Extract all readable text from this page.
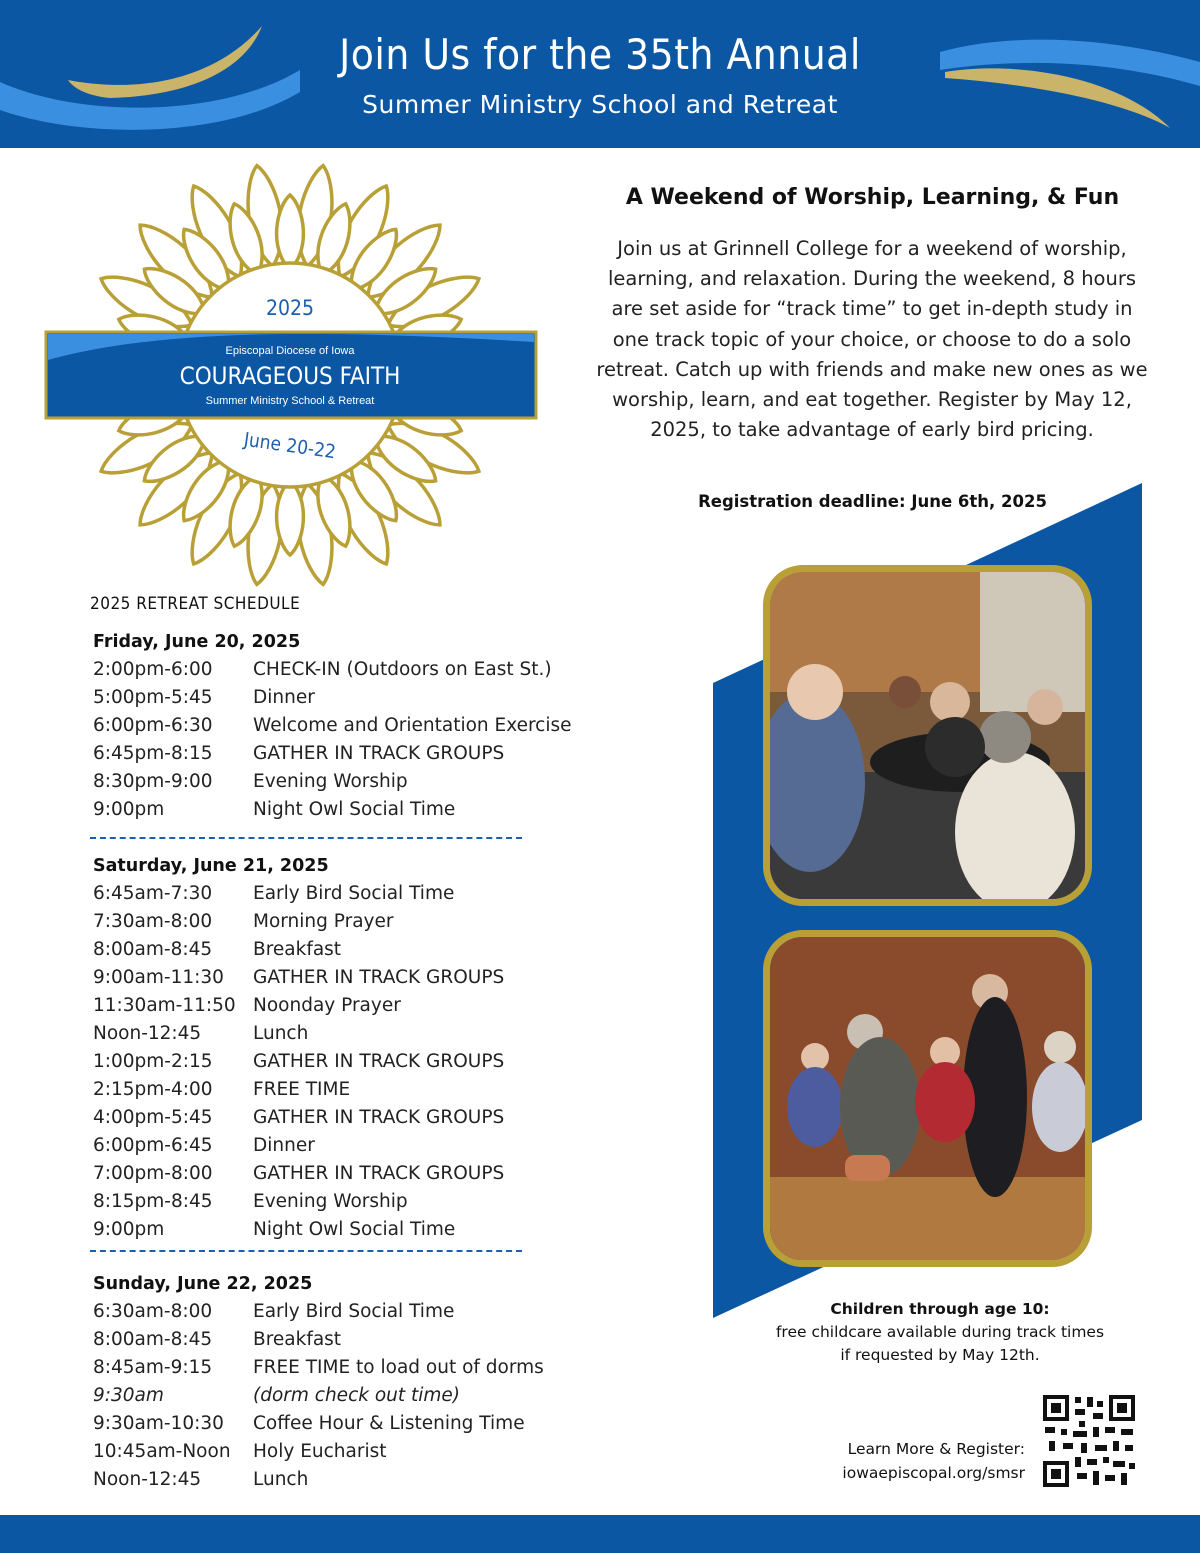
Join Us for the 35th Annual
Summer Ministry School and Retreat
2025
Episcopal Diocese of Iowa
COURAGEOUS FAITH
Summer Ministry School & Retreat
June 20-22
A Weekend of Worship, Learning, & Fun
Join us at Grinnell College for a weekend of worship, learning, and relaxation. During the weekend, 8 hours are set aside for “track time” to get in-depth study in one track topic of your choice, or choose to do a solo retreat. Catch up with friends and make new ones as we worship, learn, and eat together. Register by May 12, 2025, to take advantage of early bird pricing.
Registration deadline: June 6th, 2025
2025 RETREAT SCHEDULE
Friday, June 20, 2025
2:00pm-6:00 CHECK-IN (Outdoors on East St.)
5:00pm-5:45 Dinner
6:00pm-6:30 Welcome and Orientation Exercise
6:45pm-8:15 GATHER IN TRACK GROUPS
8:30pm-9:00 Evening Worship
9:00pm	Night Owl Social Time
Saturday, June 21, 2025
6:45am-7:30 Early Bird Social Time
7:30am-8:00 Morning Prayer
8:00am-8:45 Breakfast
9:00am-11:30 GATHER IN TRACK GROUPS
11:30am-11:50 Noonday Prayer
Noon-12:45	Lunch
1:00pm-2:15 GATHER IN TRACK GROUPS
2:15pm-4:00 FREE TIME
4:00pm-5:45 GATHER IN TRACK GROUPS
6:00pm-6:45 Dinner
7:00pm-8:00 GATHER IN TRACK GROUPS
8:15pm-8:45 Evening Worship
9:00pm	Night Owl Social Time
Sunday, June 22, 2025
6:30am-8:00 Early Bird Social Time
8:00am-8:45 Breakfast
8:45am-9:15 FREE TIME to load out of dorms
9:30am	(dorm check out time)
9:30am-10:30 Coffee Hour & Listening Time
10:45am-Noon Holy Eucharist
Noon-12:45	Lunch
Children through age 10:
free childcare available during track times
if requested by May 12th.
Learn More & Register:
iowaepiscopal.org/smsr
